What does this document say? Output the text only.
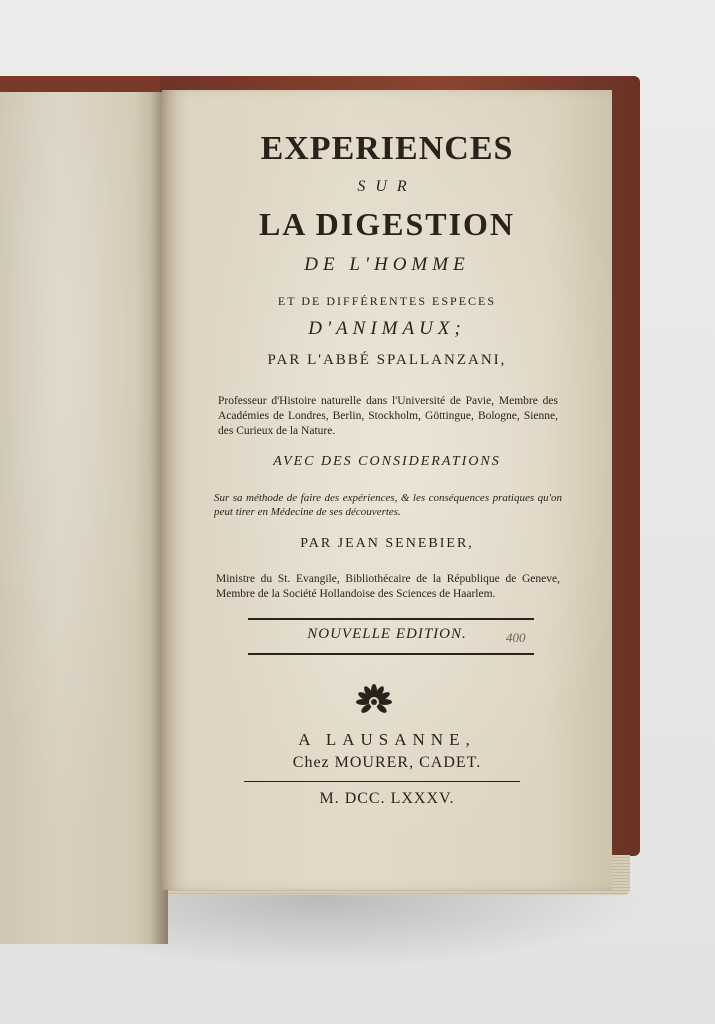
EXPERIENCES

SUR

LA DIGESTION

DE L'HOMME

ET DE DIFFÉRENTES ESPECES

D'ANIMAUX;

PAR L'ABBÉ SPALLANZANI,

Professeur d'Histoire naturelle dans l'Université de Pavie, Membre des Académies de Londres, Berlin, Stockholm, Göttingue, Bologne, Sienne, des Curieux de la Nature.

AVEC DES CONSIDERATIONS

Sur sa méthode de faire des expériences, & les conséquences pratiques qu'on peut tirer en Médecine de ses découvertes.

PAR JEAN SENEBIER,

Ministre du St. Evangile, Bibliothécaire de la République de Geneve, Membre de la Société Hollandoise des Sciences de Haarlem.

NOUVELLE EDITION.	400

A LAUSANNE,

Chez MOURER, CADET.

M. DCC. LXXXV.
